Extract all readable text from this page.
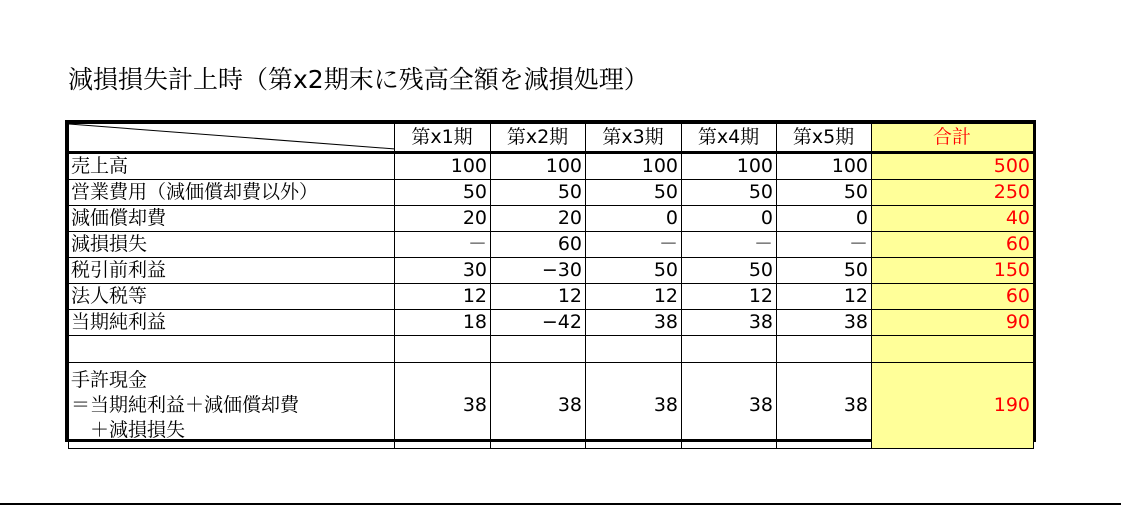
減損損失計上時（第x2期末に残高全額を減損処理）
	第x1期	第x2期	第x3期	第x4期	第x5期	合計
売上高	100	100	100	100	100	500
営業費用（減価償却費以外）	50	50	50	50	50	250
減価償却費	20	20	0	0	0	40
減損損失	－	60	－	－	－	60
税引前利益	30	−30	50	50	50	150
法人税等	12	12	12	12	12	60
当期純利益	18	−42	38	38	38	90

手許現金
＝当期純利益＋減価償却費
　＋減損損失	38	38	38	38	38	190
